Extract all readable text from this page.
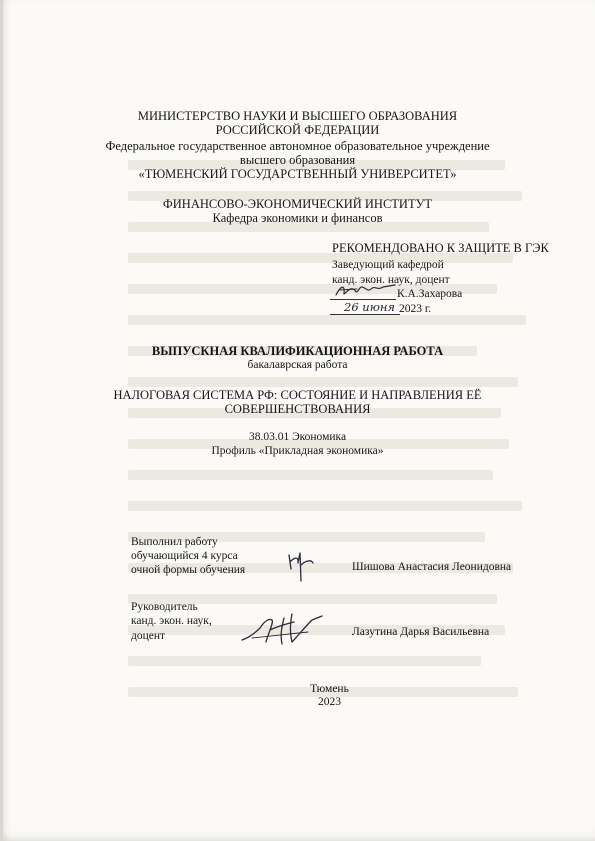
МИНИСТЕРСТВО НАУКИ И ВЫСШЕГО ОБРАЗОВАНИЯ
РОССИЙСКОЙ ФЕДЕРАЦИИ
Федеральное государственное автономное образовательное учреждение
высшего образования
«ТЮМЕНСКИЙ ГОСУДАРСТВЕННЫЙ УНИВЕРСИТЕТ»
ФИНАНСОВО-ЭКОНОМИЧЕСКИЙ ИНСТИТУТ
Кафедра экономики и финансов
РЕКОМЕНДОВАНО К ЗАЩИТЕ В ГЭК
Заведующий кафедрой
канд. экон. наук, доцент
К.А.Захарова
26 июня 2023 г.
ВЫПУСКНАЯ КВАЛИФИКАЦИОННАЯ РАБОТА
бакалаврская работа
НАЛОГОВАЯ СИСТЕМА РФ: СОСТОЯНИЕ И НАПРАВЛЕНИЯ ЕЁ
СОВЕРШЕНСТВОВАНИЯ
38.03.01 Экономика
Профиль «Прикладная экономика»
Выполнил работу
обучающийся 4 курса
очной формы обучения	Шишова Анастасия Леонидовна
Руководитель
канд. экон. наук,
доцент	Лазутина Дарья Васильевна
Тюмень
2023
